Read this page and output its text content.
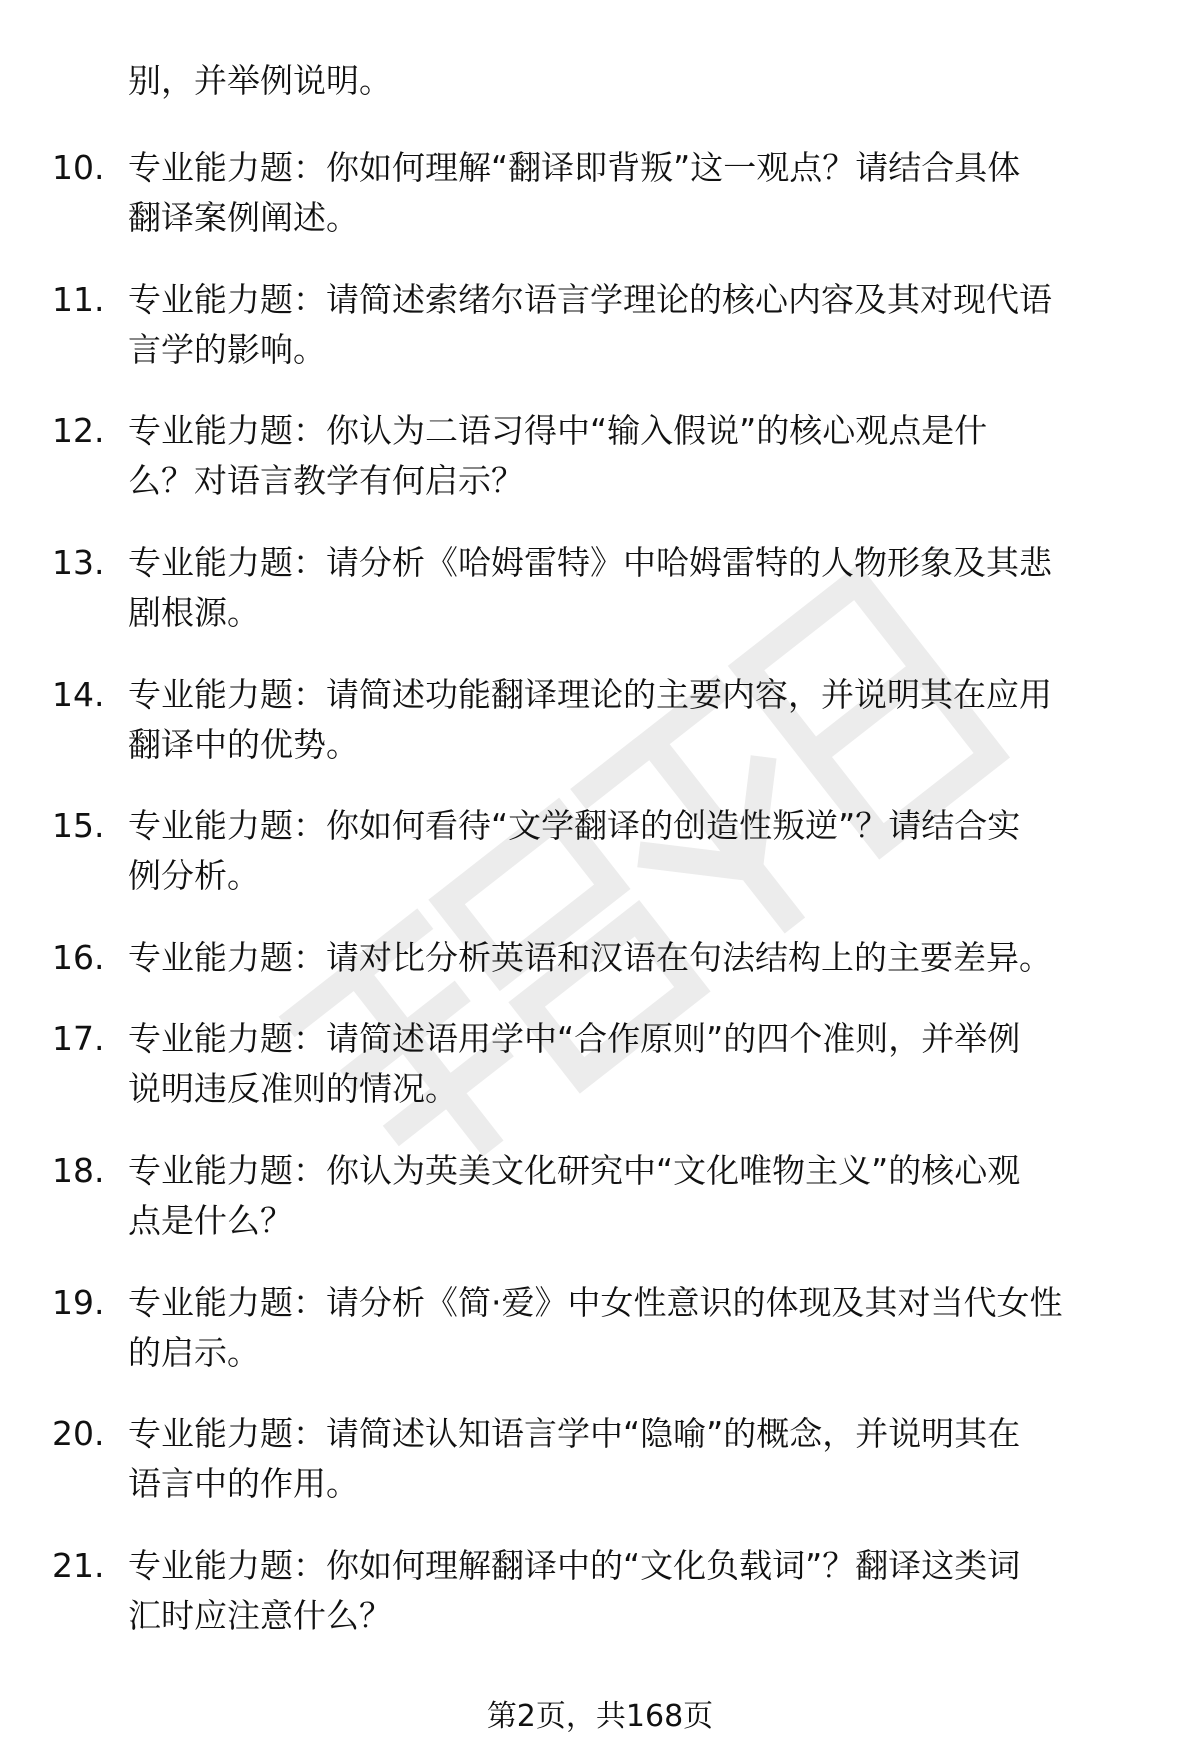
别，并举例说明。

10. 专业能力题：你如何理解“翻译即背叛”这一观点？请结合具体
翻译案例阐述。

11. 专业能力题：请简述索绪尔语言学理论的核心内容及其对现代语
言学的影响。

12. 专业能力题：你认为二语习得中“输入假说”的核心观点是什
么？对语言教学有何启示？

13. 专业能力题：请分析《哈姆雷特》中哈姆雷特的人物形象及其悲
剧根源。

14. 专业能力题：请简述功能翻译理论的主要内容，并说明其在应用
翻译中的优势。

15. 专业能力题：你如何看待“文学翻译的创造性叛逆”？请结合实
例分析。

16. 专业能力题：请对比分析英语和汉语在句法结构上的主要差异。

17. 专业能力题：请简述语用学中“合作原则”的四个准则，并举例
说明违反准则的情况。

18. 专业能力题：你认为英美文化研究中“文化唯物主义”的核心观
点是什么？

19. 专业能力题：请分析《简·爱》中女性意识的体现及其对当代女性
的启示。

20. 专业能力题：请简述认知语言学中“隐喻”的概念，并说明其在
语言中的作用。

21. 专业能力题：你如何理解翻译中的“文化负载词”？翻译这类词
汇时应注意什么？

第2页，共168页
